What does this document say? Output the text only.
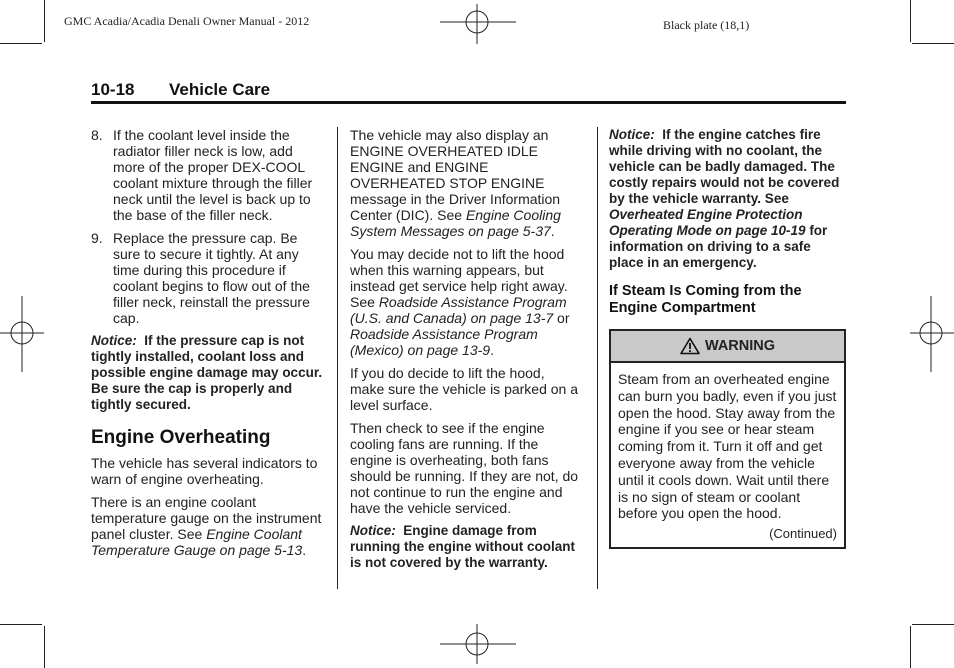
GMC Acadia/Acadia Denali Owner Manual - 2012	Black plate (18,1)
10-18 Vehicle Care
8. If the coolant level inside the radiator filler neck is low, add more of the proper DEX-COOL coolant mixture through the filler neck until the level is back up to the base of the filler neck.
9. Replace the pressure cap. Be sure to secure it tightly. At any time during this procedure if coolant begins to flow out of the filler neck, reinstall the pressure cap.

Notice: If the pressure cap is not tightly installed, coolant loss and possible engine damage may occur. Be sure the cap is properly and tightly secured.

Engine Overheating

The vehicle has several indicators to warn of engine overheating.

There is an engine coolant temperature gauge on the instrument panel cluster. See Engine Coolant Temperature Gauge on page 5-13.

The vehicle may also display an ENGINE OVERHEATED IDLE ENGINE and ENGINE OVERHEATED STOP ENGINE message in the Driver Information Center (DIC). See Engine Cooling System Messages on page 5-37.

You may decide not to lift the hood when this warning appears, but instead get service help right away. See Roadside Assistance Program (U.S. and Canada) on page 13-7 or Roadside Assistance Program (Mexico) on page 13-9.

If you do decide to lift the hood, make sure the vehicle is parked on a level surface.

Then check to see if the engine cooling fans are running. If the engine is overheating, both fans should be running. If they are not, do not continue to run the engine and have the vehicle serviced.

Notice: Engine damage from running the engine without coolant is not covered by the warranty.

Notice: If the engine catches fire while driving with no coolant, the vehicle can be badly damaged. The costly repairs would not be covered by the vehicle warranty. See Overheated Engine Protection Operating Mode on page 10-19 for information on driving to a safe place in an emergency.

If Steam Is Coming from the Engine Compartment
WARNING
Steam from an overheated engine can burn you badly, even if you just open the hood. Stay away from the engine if you see or hear steam coming from it. Turn it off and get everyone away from the vehicle until it cools down. Wait until there is no sign of steam or coolant before you open the hood.
(Continued)
